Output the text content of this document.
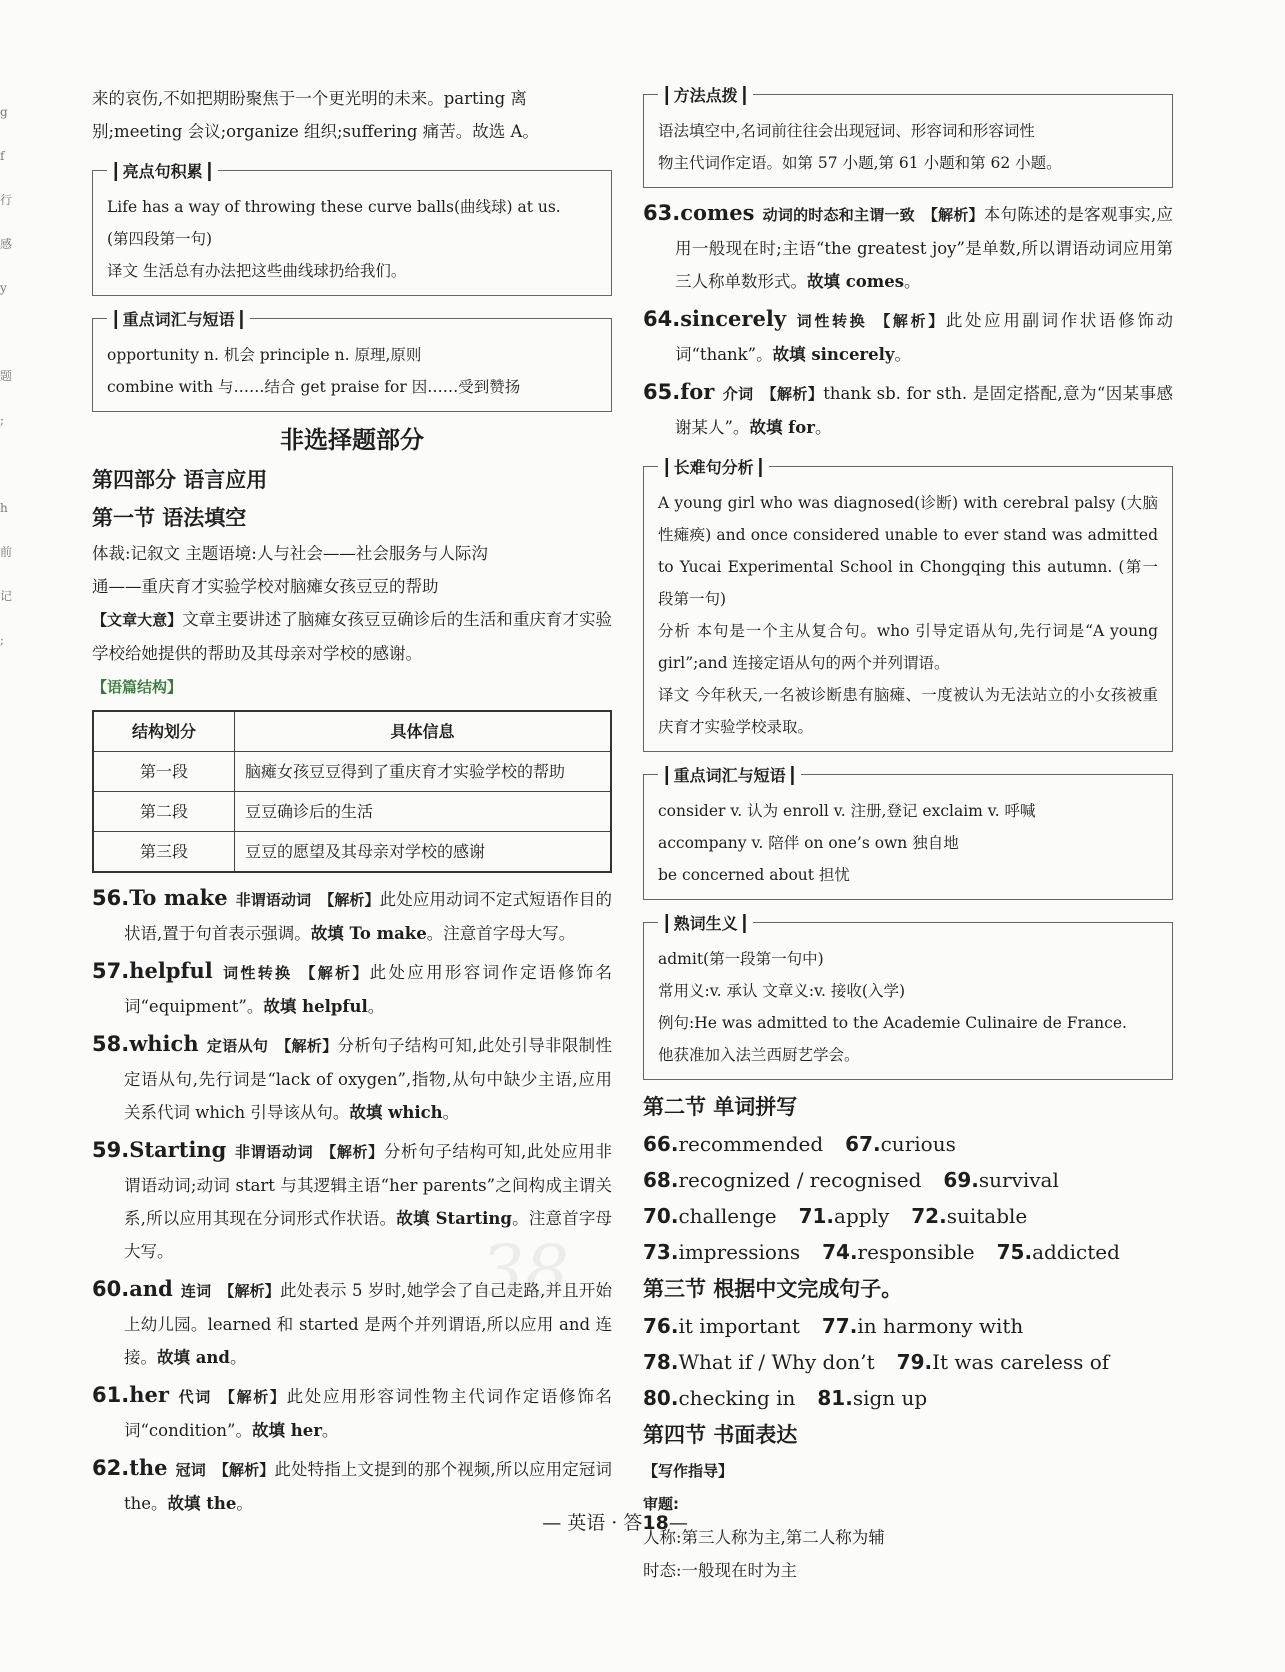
g
f
行
感
y

题
;

h
前
记
;

来的哀伤,不如把期盼聚焦于一个更光明的未来。parting 离

别;meeting 会议;organize 组织;suffering 痛苦。故选 A。

┃ 亮点句积累 ┃

Life has a way of throwing these curve balls(曲线球) at us.

(第四段第一句)

译文 生活总有办法把这些曲线球扔给我们。

┃ 重点词汇与短语 ┃

opportunity n. 机会 principle n. 原理,原则

combine with 与……结合 get praise for 因……受到赞扬

非选择题部分
第四部分 语言应用
第一节 语法填空

体裁:记叙文 主题语境:人与社会——社会服务与人际沟

通——重庆育才实验学校对脑瘫女孩豆豆的帮助

【文章大意】文章主要讲述了脑瘫女孩豆豆确诊后的生活和重庆育才实验学校给她提供的帮助及其母亲对学校的感谢。

【语篇结构】

结构划分	具体信息
第一段	脑瘫女孩豆豆得到了重庆育才实验学校的帮助
第二段	豆豆确诊后的生活
第三段	豆豆的愿望及其母亲对学校的感谢

56.To make 非谓语动词 【解析】此处应用动词不定式短语作目的状语,置于句首表示强调。故填 To make。注意首字母大写。

57.helpful 词性转换 【解析】此处应用形容词作定语修饰名词“equipment”。故填 helpful。

58.which 定语从句 【解析】分析句子结构可知,此处引导非限制性定语从句,先行词是“lack of oxygen”,指物,从句中缺少主语,应用关系代词 which 引导该从句。故填 which。

59.Starting 非谓语动词 【解析】分析句子结构可知,此处应用非谓语动词;动词 start 与其逻辑主语“her parents”之间构成主谓关系,所以应用其现在分词形式作状语。故填 Starting。注意首字母大写。

60.and 连词 【解析】此处表示 5 岁时,她学会了自己走路,并且开始上幼儿园。learned 和 started 是两个并列谓语,所以应用 and 连接。故填 and。

61.her 代词 【解析】此处应用形容词性物主代词作定语修饰名词“condition”。故填 her。

62.the 冠词 【解析】此处特指上文提到的那个视频,所以应用定冠词 the。故填 the。

┃ 方法点拨 ┃

语法填空中,名词前往往会出现冠词、形容词和形容词性

物主代词作定语。如第 57 小题,第 61 小题和第 62 小题。

63.comes 动词的时态和主谓一致 【解析】本句陈述的是客观事实,应用一般现在时;主语“the greatest joy”是单数,所以谓语动词应用第三人称单数形式。故填 comes。

64.sincerely 词性转换 【解析】此处应用副词作状语修饰动词“thank”。故填 sincerely。

65.for 介词 【解析】thank sb. for sth. 是固定搭配,意为“因某事感谢某人”。故填 for。

┃ 长难句分析 ┃

A young girl who was diagnosed(诊断) with cerebral palsy (大脑性瘫痪) and once considered unable to ever stand was admitted to Yucai Experimental School in Chongqing this autumn. (第一段第一句)

分析 本句是一个主从复合句。who 引导定语从句,先行词是“A young girl”;and 连接定语从句的两个并列谓语。

译文 今年秋天,一名被诊断患有脑瘫、一度被认为无法站立的小女孩被重庆育才实验学校录取。

┃ 重点词汇与短语 ┃

consider v. 认为 enroll v. 注册,登记 exclaim v. 呼喊

accompany v. 陪伴 on one’s own 独自地

be concerned about 担忧

┃ 熟词生义 ┃

admit(第一段第一句中)

常用义:v. 承认 文章义:v. 接收(入学)

例句:He was admitted to the Academie Culinaire de France.

他获准加入法兰西厨艺学会。

第二节 单词拼写
66.recommended 67.curious
68.recognized / recognised 69.survival
70.challenge 71.apply 72.suitable
73.impressions 74.responsible 75.addicted
第三节 根据中文完成句子。
76.it important 77.in harmony with
78.What if / Why don’t 79.It was careless of
80.checking in 81.sign up
第四节 书面表达

【写作指导】

审题:

人称:第三人称为主,第二人称为辅

时态:一般现在时为主

38
— 英语 · 答18—
